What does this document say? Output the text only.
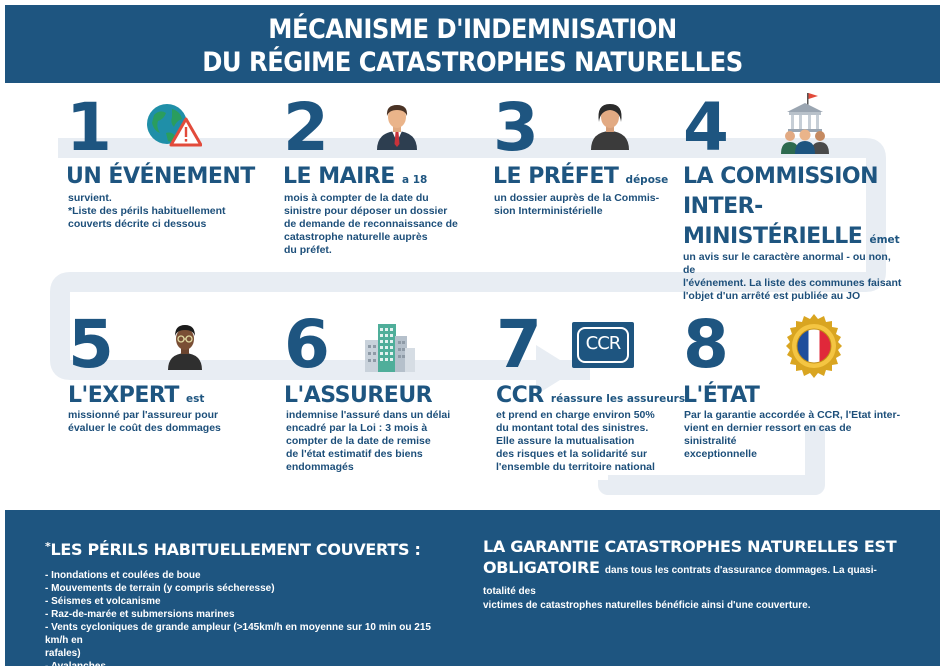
MÉCANISME D'INDEMNISATION
DU RÉGIME CATASTROPHES NATURELLES
1
UN ÉVÉNEMENT
survient.
*Liste des périls habituellement
couverts décrite ci dessous
2
LE MAIRE a 18
mois à compter de la date du
sinistre pour déposer un dossier
de demande de reconnaissance de
catastrophe naturelle auprès
du préfet.
3
LE PRÉFET dépose
un dossier auprès de la Commis-
sion Interministérielle
4
LA COMMISSION
INTER-
MINISTÉRIELLE émet
un avis sur le caractère anormal - ou non, de
l'événement. La liste des communes faisant
l'objet d'un arrêté est publiée au JO
5
L'EXPERT est
missionné par l'assureur pour
évaluer le coût des dommages
6
L'ASSUREUR
indemnise l'assuré dans un délai
encadré par la Loi : 3 mois à
compter de la date de remise
de l'état estimatif des biens
endommagés
7	CCR
CCR réassure les assureurs
et prend en charge environ 50%
du montant total des sinistres.
Elle assure la mutualisation
des risques et la solidarité sur
l'ensemble du territoire national
8
L'ÉTAT
Par la garantie accordée à CCR, l'Etat inter-
vient en dernier ressort en cas de sinistralité
exceptionnelle
*LES PÉRILS HABITUELLEMENT COUVERTS :
- Inondations et coulées de boue
- Mouvements de terrain (y compris sécheresse)
- Séismes et volcanisme
- Raz-de-marée et submersions marines
- Vents cycloniques de grande ampleur (>145km/h en moyenne sur 10 min ou 215 km/h en
rafales)
- Avalanches
LA GARANTIE CATASTROPHES NATURELLES EST
OBLIGATOIRE dans tous les contrats d'assurance dommages. La quasi-totalité des
victimes de catastrophes naturelles bénéficie ainsi d'une couverture.
